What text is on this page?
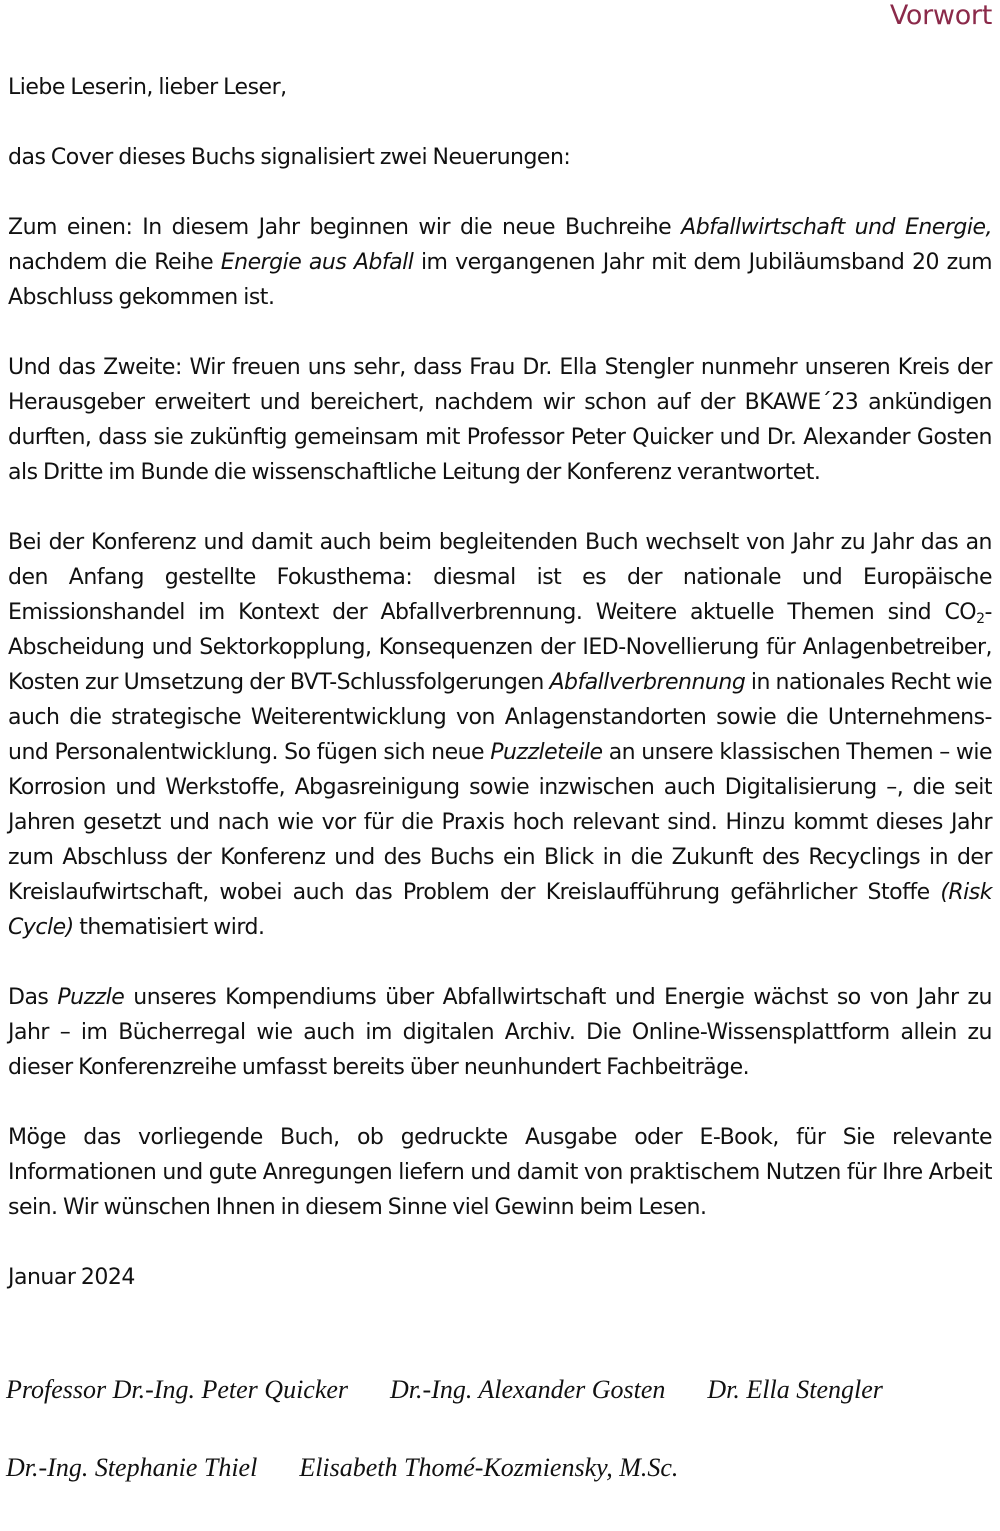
Vorwort

Liebe Leserin, lieber Leser,

das Cover dieses Buchs signalisiert zwei Neuerungen:

Zum einen: In diesem Jahr beginnen wir die neue Buchreihe Abfallwirtschaft und Energie, nachdem die Reihe Energie aus Abfall im vergangenen Jahr mit dem Jubiläumsband 20 zum Abschluss gekommen ist.

Und das Zweite: Wir freuen uns sehr, dass Frau Dr. Ella Stengler nunmehr unseren Kreis der Herausgeber erweitert und bereichert, nachdem wir schon auf der BKAWE´23 ankündigen durften, dass sie zukünftig gemeinsam mit Professor Peter Quicker und Dr. Alexander Gosten als Dritte im Bunde die wissenschaftliche Leitung der Konferenz verantwortet.

Bei der Konferenz und damit auch beim begleitenden Buch wechselt von Jahr zu Jahr das an den Anfang gestellte Fokusthema: diesmal ist es der nationale und Europäische Emissionshandel im Kontext der Abfallverbrennung. Weitere aktuelle Themen sind $CO_2$-Abscheidung und Sektorkopplung, Konsequenzen der IED-Novellierung für Anlagenbetreiber, Kosten zur Umsetzung der BVT-Schlussfolgerungen Abfallverbrennung in nationales Recht wie auch die strategische Weiterentwicklung von Anlagenstandorten sowie die Unternehmens- und Personalentwicklung. So fügen sich neue Puzzleteile an unsere klassischen Themen – wie Korrosion und Werkstoffe, Abgasreinigung sowie inzwischen auch Digitalisierung –, die seit Jahren gesetzt und nach wie vor für die Praxis hoch relevant sind. Hinzu kommt dieses Jahr zum Abschluss der Konferenz und des Buchs ein Blick in die Zukunft des Recyclings in der Kreislaufwirtschaft, wobei auch das Problem der Kreislaufführung gefährlicher Stoffe (Risk Cycle) thematisiert wird.

Das Puzzle unseres Kompendiums über Abfallwirtschaft und Energie wächst so von Jahr zu Jahr – im Bücherregal wie auch im digitalen Archiv. Die Online-Wissensplattform allein zu dieser Konferenzreihe umfasst bereits über neunhundert Fachbeiträge.

Möge das vorliegende Buch, ob gedruckte Ausgabe oder E-Book, für Sie relevante Informationen und gute Anregungen liefern und damit von praktischem Nutzen für Ihre Arbeit sein. Wir wünschen Ihnen in diesem Sinne viel Gewinn beim Lesen.

Januar 2024

Professor Dr.-Ing. Peter Quicker Dr.-Ing. Alexander Gosten Dr. Ella Stengler
Dr.-Ing. Stephanie Thiel Elisabeth Thomé-Kozmiensky, M.Sc.
